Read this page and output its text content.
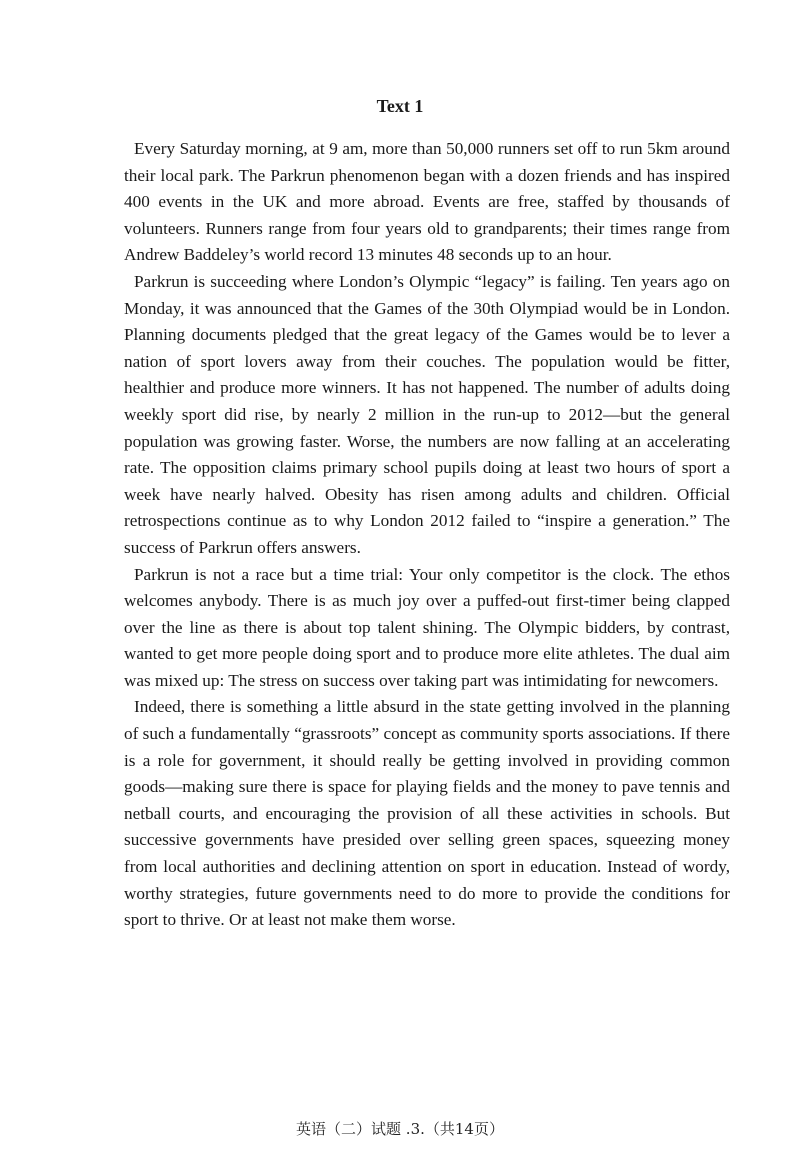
Text 1

Every Saturday morning, at 9 am, more than 50,000 runners set off to run 5km around their local park. The Parkrun phenomenon began with a dozen friends and has inspired 400 events in the UK and more abroad. Events are free, staffed by thousands of volunteers. Runners range from four years old to grandparents; their times range from Andrew Baddeley’s world record 13 minutes 48 seconds up to an hour.

Parkrun is succeeding where London’s Olympic “legacy” is failing. Ten years ago on Monday, it was announced that the Games of the 30th Olympiad would be in London. Planning documents pledged that the great legacy of the Games would be to lever a nation of sport lovers away from their couches. The population would be fitter, healthier and produce more winners. It has not happened. The number of adults doing weekly sport did rise, by nearly 2 million in the run-up to 2012—but the general population was growing faster. Worse, the numbers are now falling at an accelerating rate. The opposition claims primary school pupils doing at least two hours of sport a week have nearly halved. Obesity has risen among adults and children. Official retrospections continue as to why London 2012 failed to “inspire a generation.” The success of Parkrun offers answers.

Parkrun is not a race but a time trial: Your only competitor is the clock. The ethos welcomes anybody. There is as much joy over a puffed-out first-timer being clapped over the line as there is about top talent shining. The Olympic bidders, by contrast, wanted to get more people doing sport and to produce more elite athletes. The dual aim was mixed up: The stress on success over taking part was intimidating for newcomers.

Indeed, there is something a little absurd in the state getting involved in the planning of such a fundamentally “grassroots” concept as community sports associations. If there is a role for government, it should really be getting involved in providing common goods—making sure there is space for playing fields and the money to pave tennis and netball courts, and encouraging the provision of all these activities in schools. But successive governments have presided over selling green spaces, squeezing money from local authorities and declining attention on sport in education. Instead of wordy, worthy strategies, future governments need to do more to provide the conditions for sport to thrive. Or at least not make them worse.

英语（二）试题 .3.（共14页）
